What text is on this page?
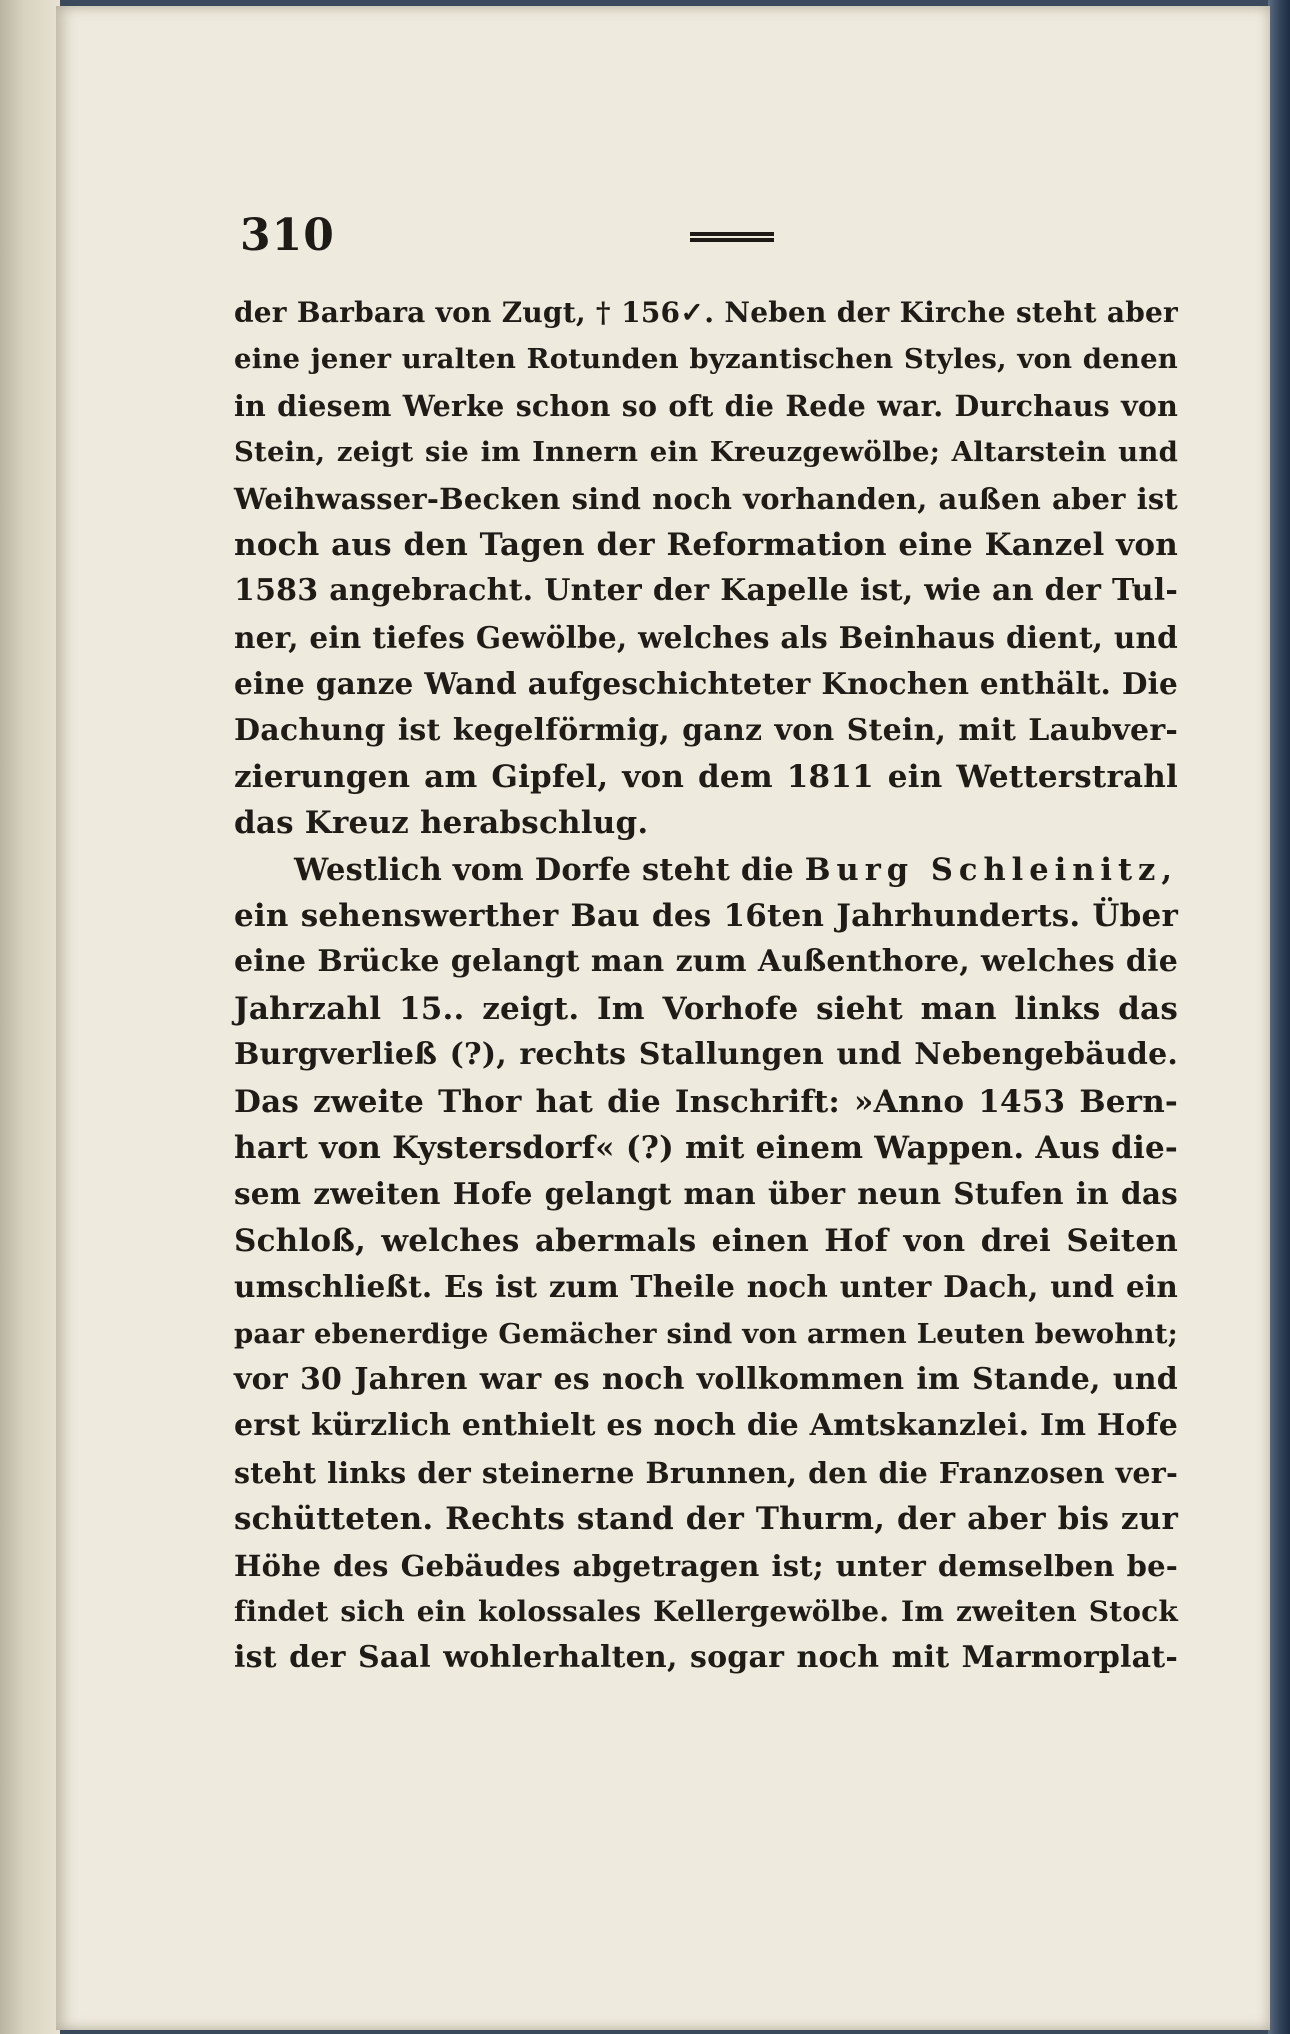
310
der Barbara von Zugt, † 156✓. Neben der Kirche steht aber
eine jener uralten Rotunden byzantischen Styles, von denen
in diesem Werke schon so oft die Rede war. Durchaus von
Stein, zeigt sie im Innern ein Kreuzgewölbe; Altarstein und
Weihwasser-Becken sind noch vorhanden, außen aber ist
noch aus den Tagen der Reformation eine Kanzel von
1583 angebracht. Unter der Kapelle ist, wie an der Tul-
ner, ein tiefes Gewölbe, welches als Beinhaus dient, und
eine ganze Wand aufgeschichteter Knochen enthält. Die
Dachung ist kegelförmig, ganz von Stein, mit Laubver-
zierungen am Gipfel, von dem 1811 ein Wetterstrahl
das Kreuz herabschlug.
Westlich vom Dorfe steht die Burg Schleinitz,
ein sehenswerther Bau des 16ten Jahrhunderts. Über
eine Brücke gelangt man zum Außenthore, welches die
Jahrzahl 15.. zeigt. Im Vorhofe sieht man links das
Burgverließ (?), rechts Stallungen und Nebengebäude.
Das zweite Thor hat die Inschrift: »Anno 1453 Bern-
hart von Kystersdorf« (?) mit einem Wappen. Aus die-
sem zweiten Hofe gelangt man über neun Stufen in das
Schloß, welches abermals einen Hof von drei Seiten
umschließt. Es ist zum Theile noch unter Dach, und ein
paar ebenerdige Gemächer sind von armen Leuten bewohnt;
vor 30 Jahren war es noch vollkommen im Stande, und
erst kürzlich enthielt es noch die Amtskanzlei. Im Hofe
steht links der steinerne Brunnen, den die Franzosen ver-
schütteten. Rechts stand der Thurm, der aber bis zur
Höhe des Gebäudes abgetragen ist; unter demselben be-
findet sich ein kolossales Kellergewölbe. Im zweiten Stock
ist der Saal wohlerhalten, sogar noch mit Marmorplat-
